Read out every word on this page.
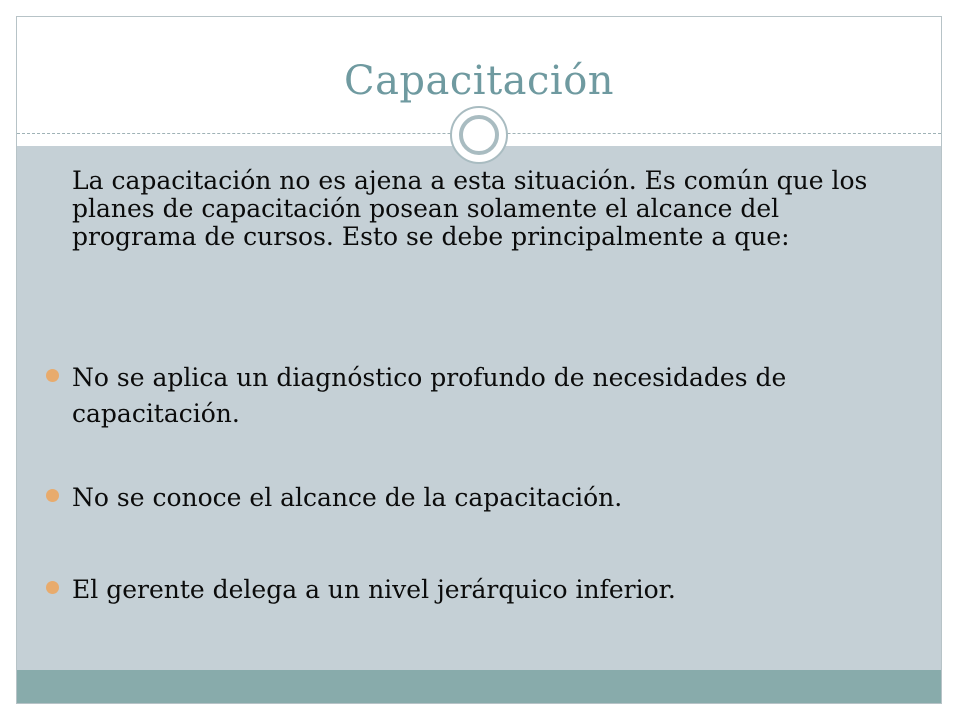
Capacitación

La capacitación no es ajena a esta situación. Es común que los planes de capacitación posean solamente el alcance del programa de cursos. Esto se debe principalmente a que:

No se aplica un diagnóstico profundo de necesidades de capacitación.

No se conoce el alcance de la capacitación.

El gerente delega a un nivel jerárquico inferior.
